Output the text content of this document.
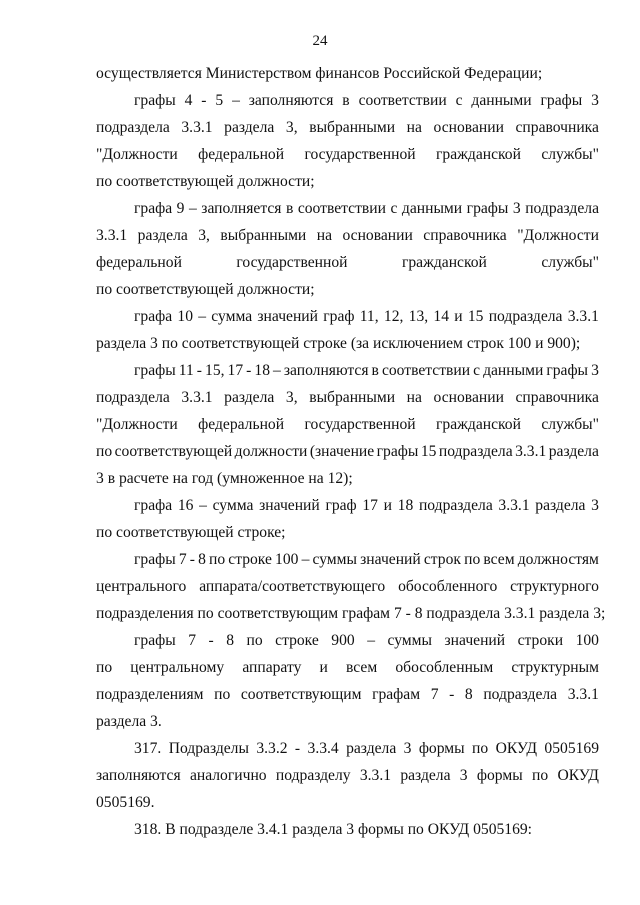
24

осуществляется Министерством финансов Российской Федерации;

графы 4 - 5 – заполняются в соответствии с данными графы 3
подраздела 3.3.1 раздела 3, выбранными на основании справочника
"Должности федеральной государственной гражданской службы"
по соответствующей должности;

графа 9 – заполняется в соответствии с данными графы 3 подраздела
3.3.1 раздела 3, выбранными на основании справочника "Должности
федеральной	государственной	гражданской	службы"
по соответствующей должности;

графа 10 – сумма значений граф 11, 12, 13, 14 и 15 подраздела 3.3.1
раздела 3 по соответствующей строке (за исключением строк 100 и 900);

графы 11 - 15, 17 - 18 – заполняются в соответствии с данными графы 3
подраздела 3.3.1 раздела 3, выбранными на основании справочника
"Должности федеральной государственной гражданской службы"
по соответствующей должности (значение графы 15 подраздела 3.3.1 раздела
3 в расчете на год (умноженное на 12);

графа 16 – сумма значений граф 17 и 18 подраздела 3.3.1 раздела 3
по соответствующей строке;

графы 7 - 8 по строке 100 – суммы значений строк по всем должностям
центрального аппарата/соответствующего обособленного структурного
подразделения по соответствующим графам 7 - 8 подраздела 3.3.1 раздела 3;

графы 7 - 8 по строке 900 – суммы значений строки 100
по центральному аппарату и всем обособленным структурным
подразделениям по соответствующим графам 7 - 8 подраздела 3.3.1
раздела 3.

317. Подразделы 3.3.2 - 3.3.4 раздела 3 формы по ОКУД 0505169
заполняются аналогично подразделу 3.3.1 раздела 3 формы по ОКУД
0505169.

318. В подразделе 3.4.1 раздела 3 формы по ОКУД 0505169:
